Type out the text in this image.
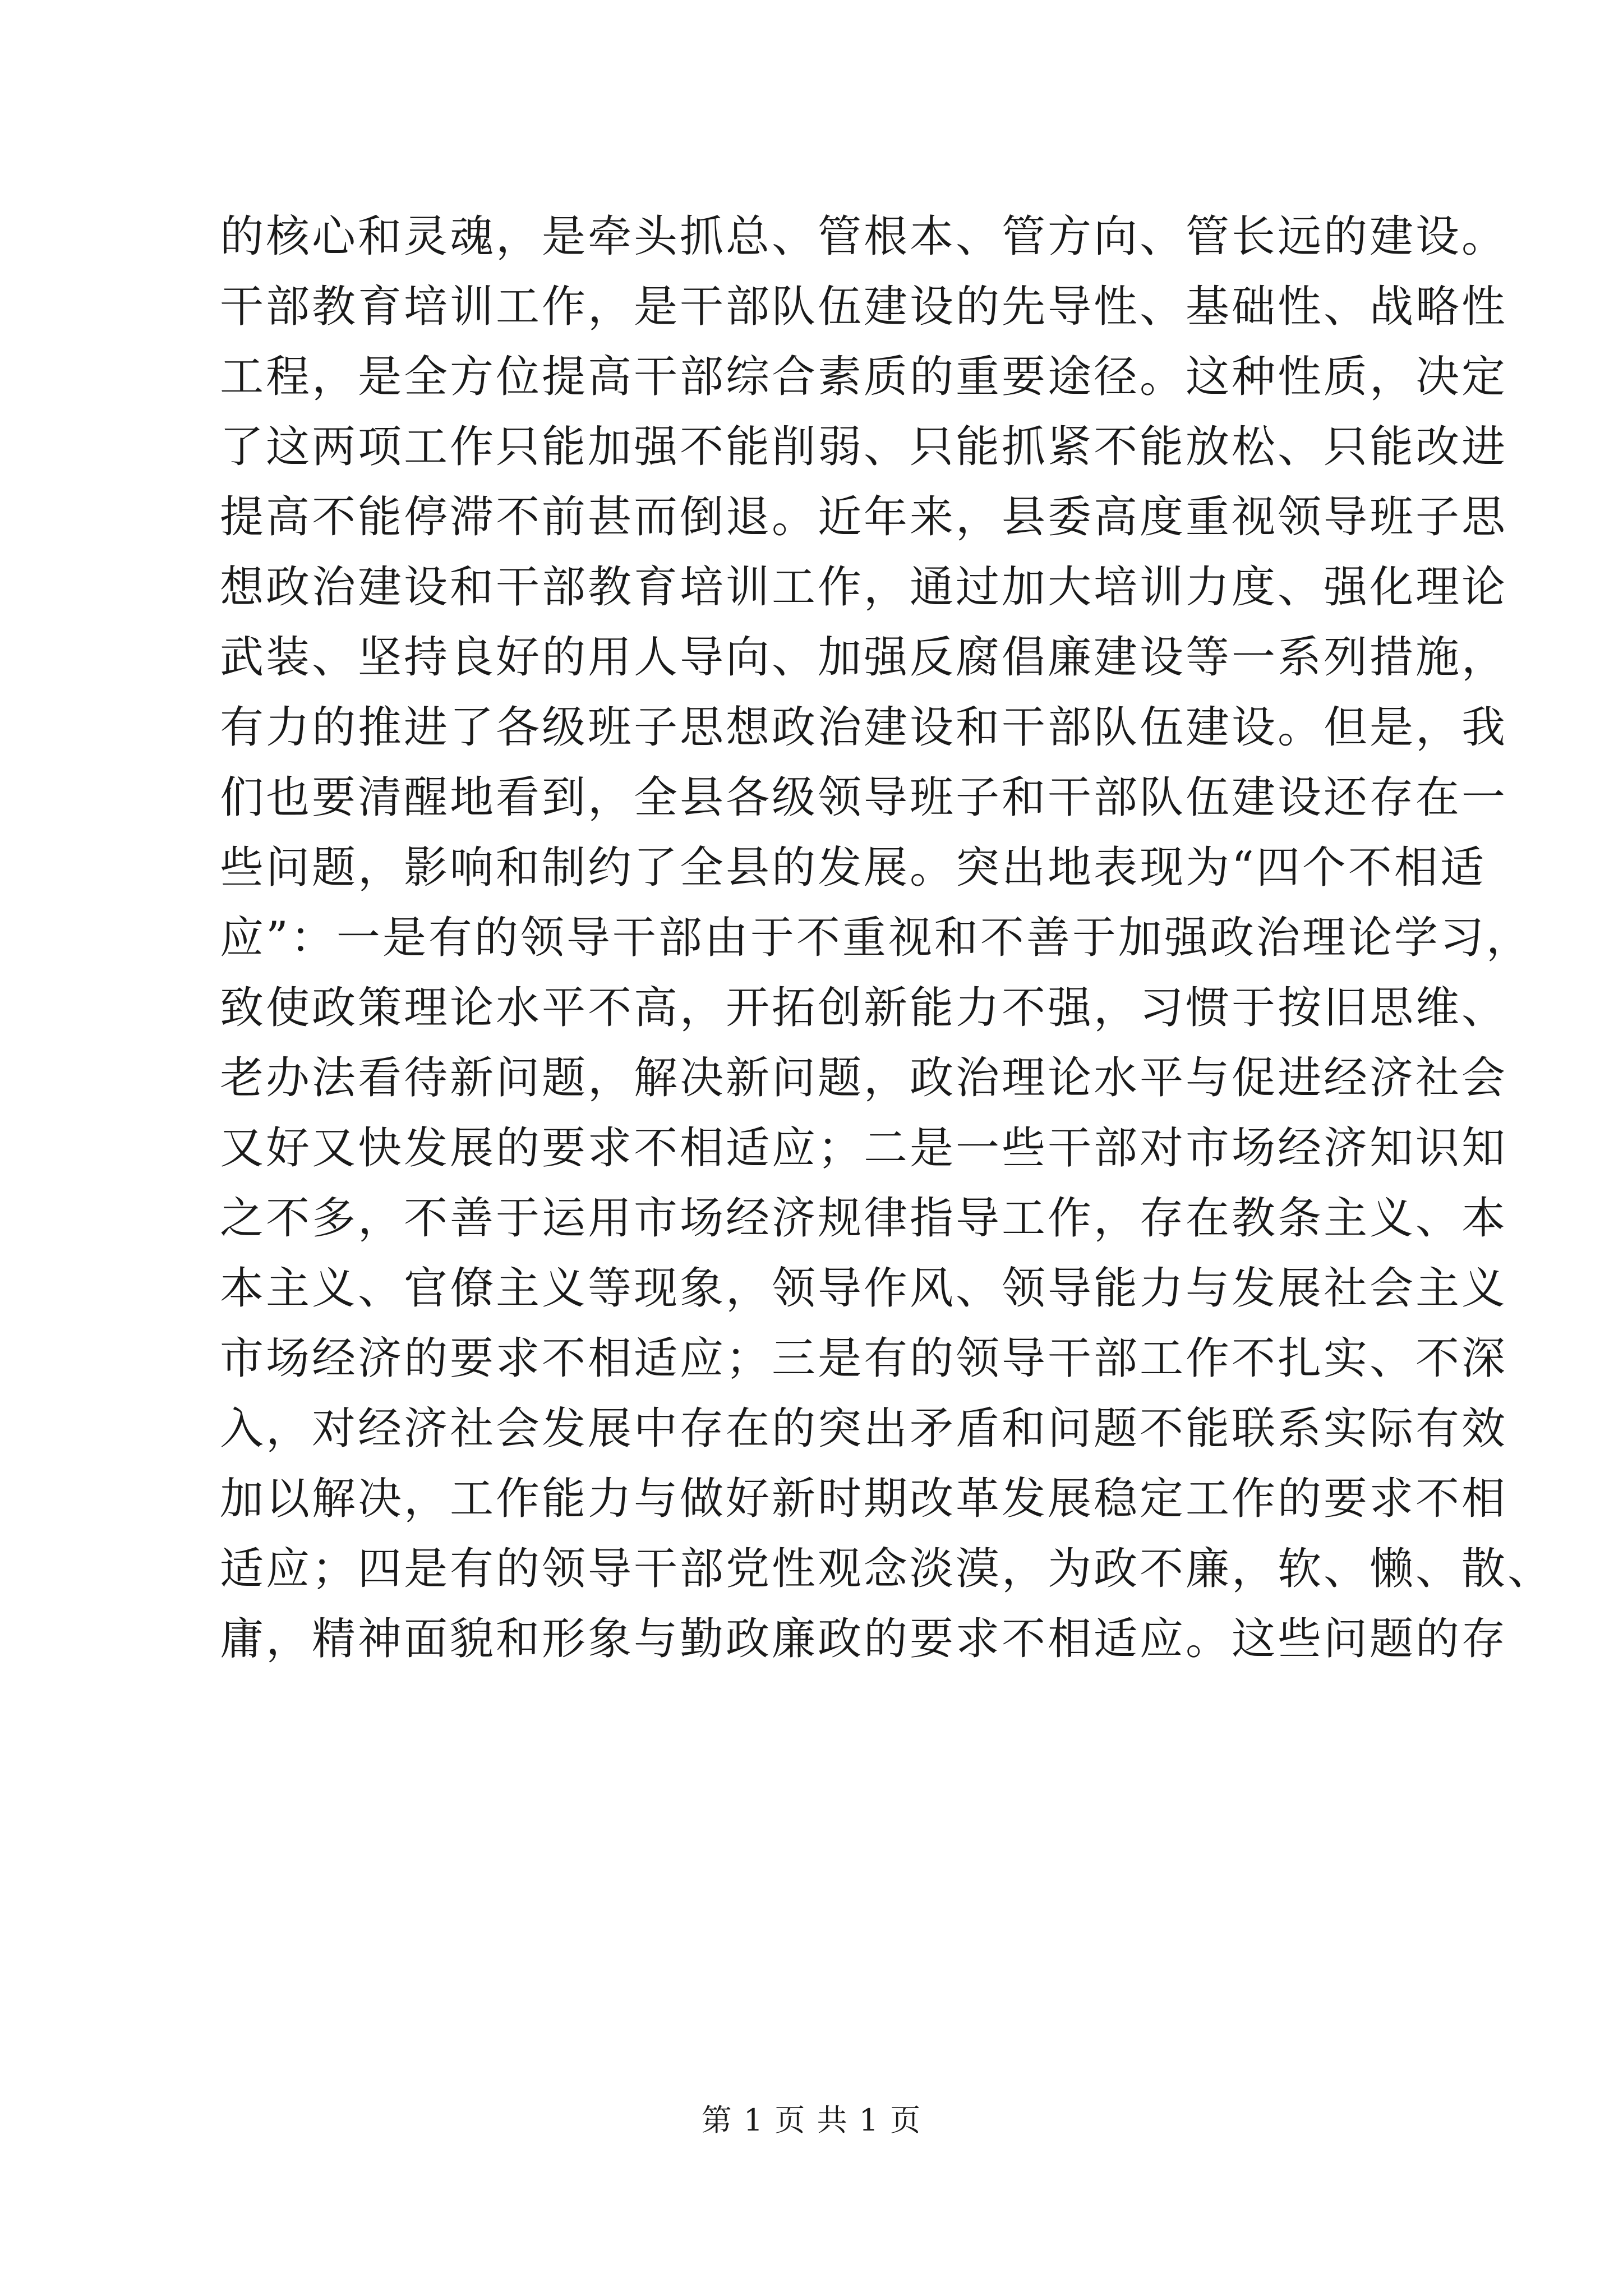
的核心和灵魂，是牵头抓总、管根本、管方向、管长远的建设。
干部教育培训工作，是干部队伍建设的先导性、基础性、战略性
工程，是全方位提高干部综合素质的重要途径。这种性质，决定
了这两项工作只能加强不能削弱、只能抓紧不能放松、只能改进
提高不能停滞不前甚而倒退。近年来，县委高度重视领导班子思
想政治建设和干部教育培训工作，通过加大培训力度、强化理论
武装、坚持良好的用人导向、加强反腐倡廉建设等一系列措施，
有力的推进了各级班子思想政治建设和干部队伍建设。但是，我
们也要清醒地看到，全县各级领导班子和干部队伍建设还存在一
些问题，影响和制约了全县的发展。突出地表现为“四个不相适
应”：一是有的领导干部由于不重视和不善于加强政治理论学习，
致使政策理论水平不高，开拓创新能力不强，习惯于按旧思维、
老办法看待新问题，解决新问题，政治理论水平与促进经济社会
又好又快发展的要求不相适应；二是一些干部对市场经济知识知
之不多，不善于运用市场经济规律指导工作，存在教条主义、本
本主义、官僚主义等现象，领导作风、领导能力与发展社会主义
市场经济的要求不相适应；三是有的领导干部工作不扎实、不深
入，对经济社会发展中存在的突出矛盾和问题不能联系实际有效
加以解决，工作能力与做好新时期改革发展稳定工作的要求不相
适应；四是有的领导干部党性观念淡漠，为政不廉，软、懒、散、
庸，精神面貌和形象与勤政廉政的要求不相适应。这些问题的存
第 1 页 共 1 页
